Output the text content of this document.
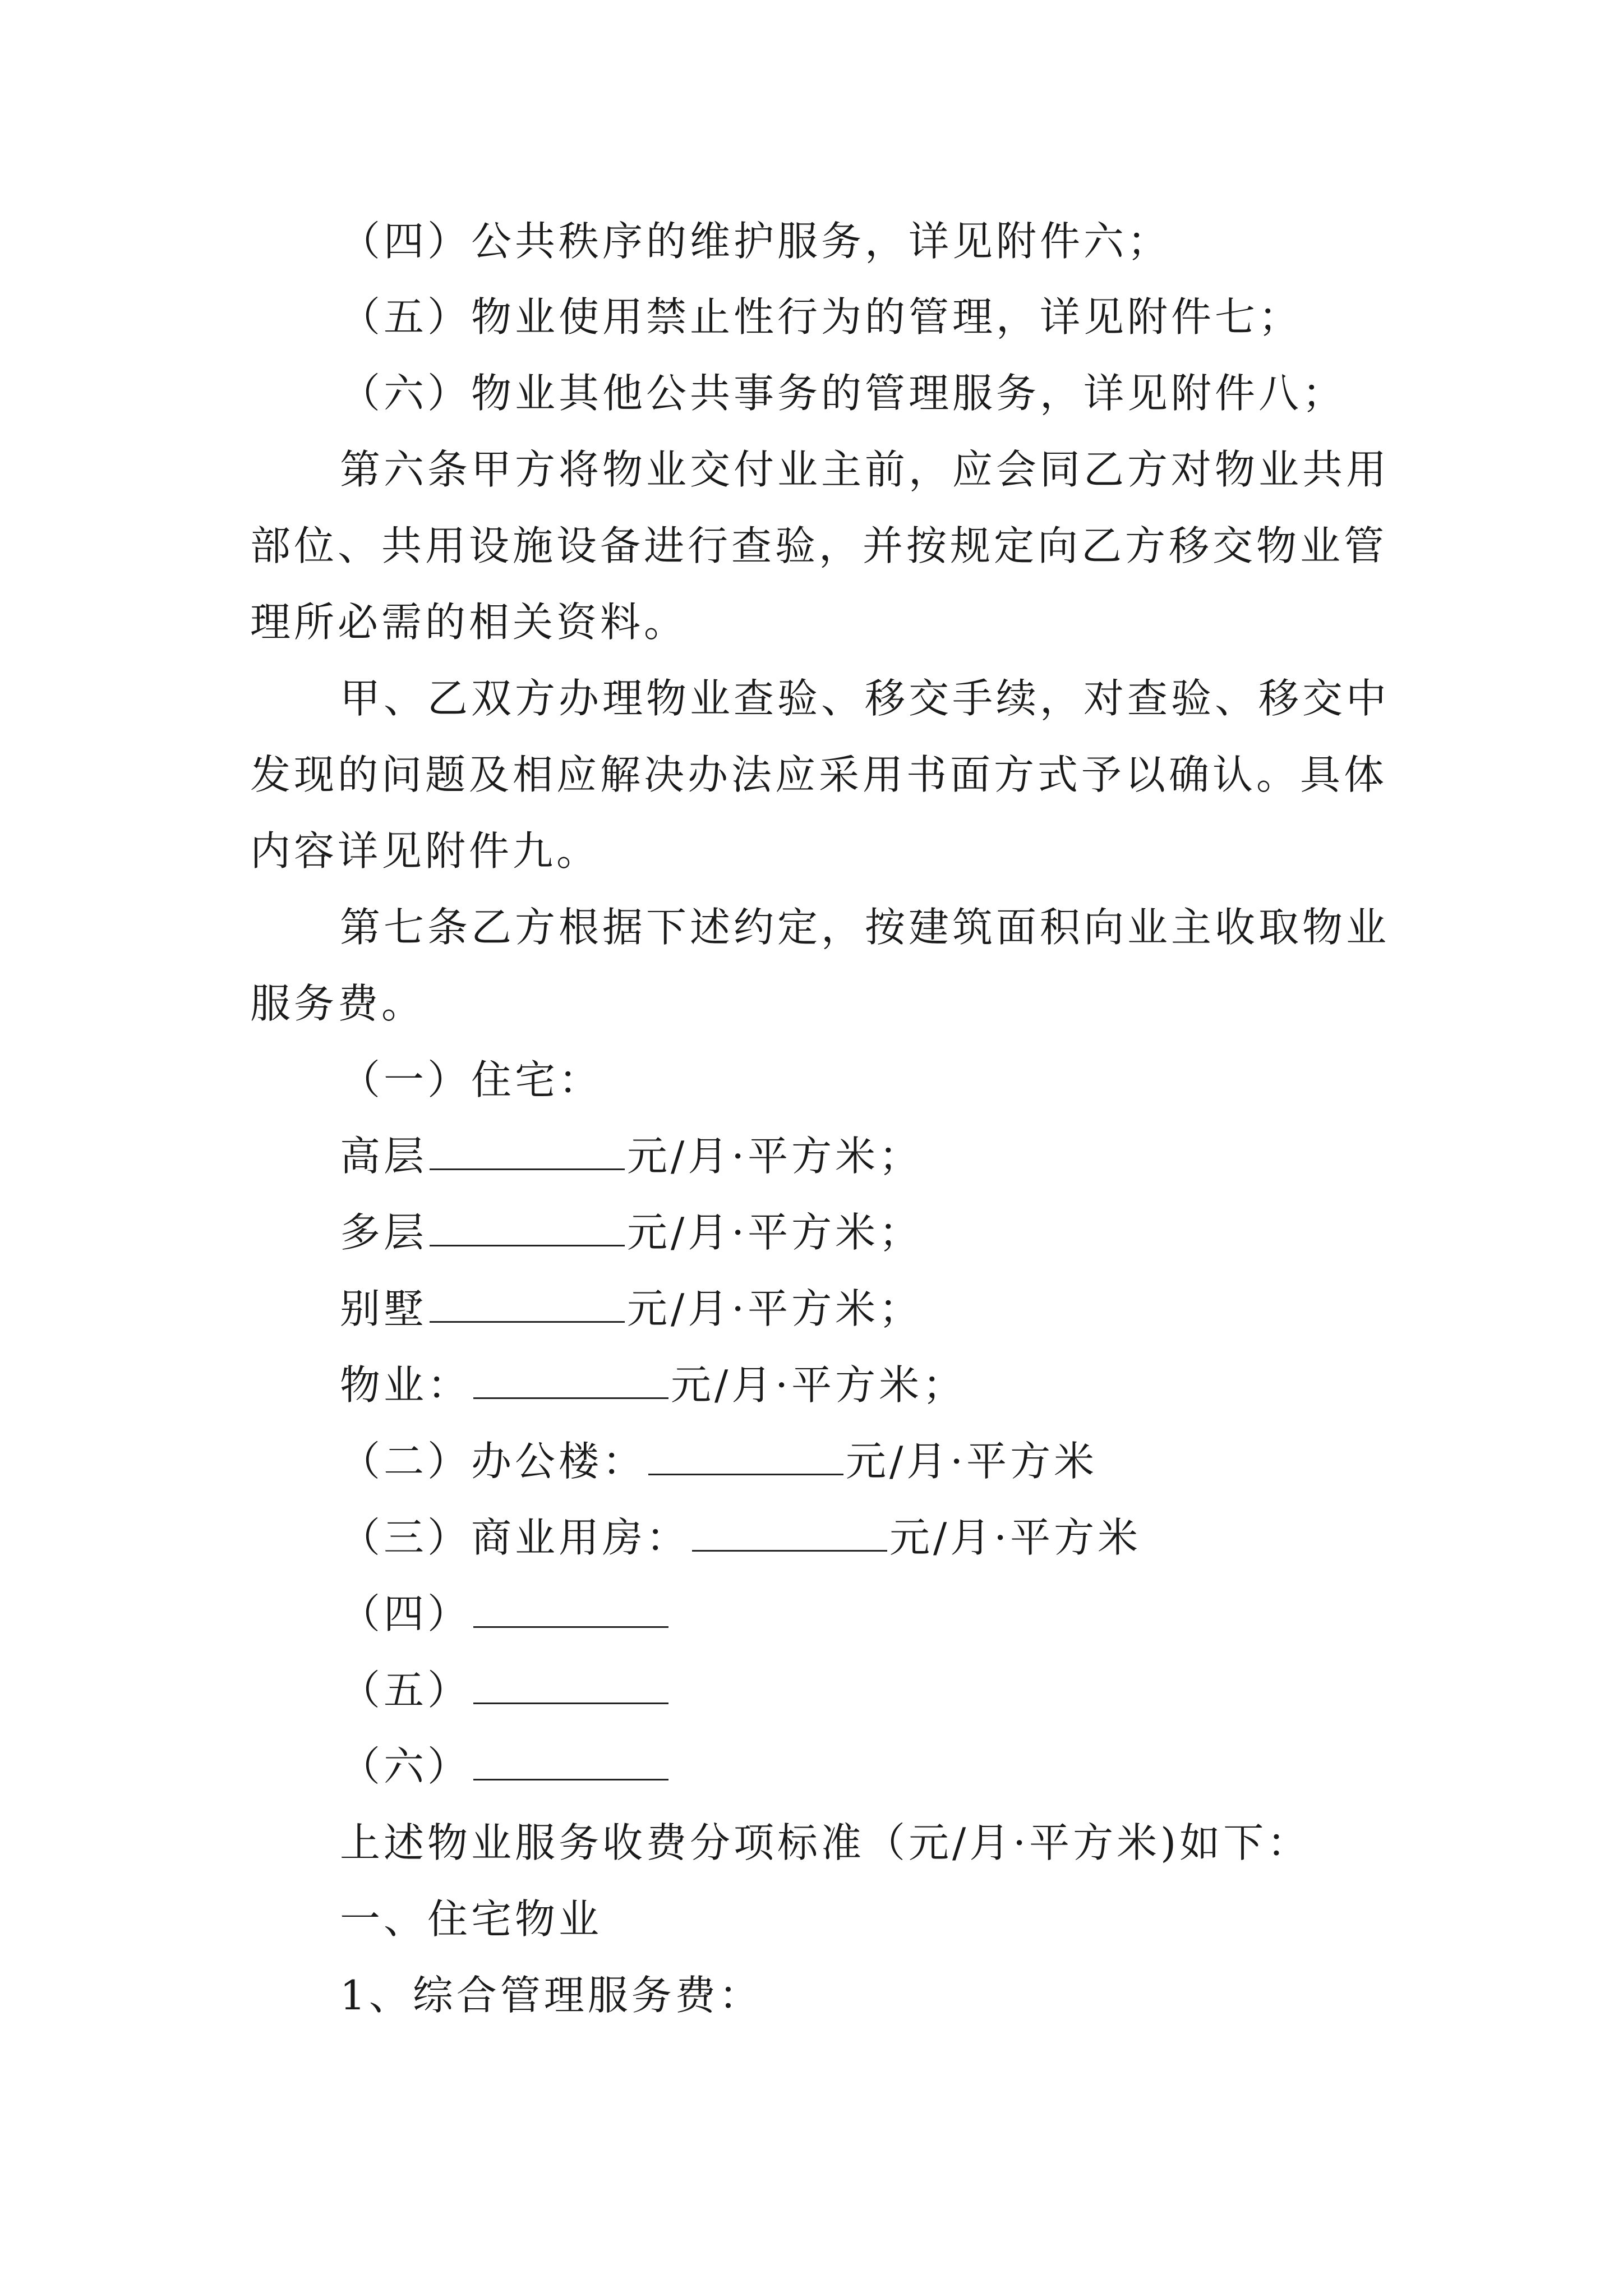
（四）公共秩序的维护服务，详见附件六；
（五）物业使用禁止性行为的管理，详见附件七；
（六）物业其他公共事务的管理服务，详见附件八；
第六条甲方将物业交付业主前，应会同乙方对物业共用
部位、共用设施设备进行查验，并按规定向乙方移交物业管
理所必需的相关资料。
甲、乙双方办理物业查验、移交手续，对查验、移交中
发现的问题及相应解决办法应采用书面方式予以确认。具体
内容详见附件九。
第七条乙方根据下述约定，按建筑面积向业主收取物业
服务费。
（一）住宅：
高层	元/月·平方米；
多层	元/月·平方米；
别墅	元/月·平方米；
物业：	元/月·平方米；
（二）办公楼：	元/月·平方米
（三）商业用房：	元/月·平方米
（四）
（五）
（六）
上述物业服务收费分项标准（元/月·平方米)如下：
一、住宅物业
1、综合管理服务费：
